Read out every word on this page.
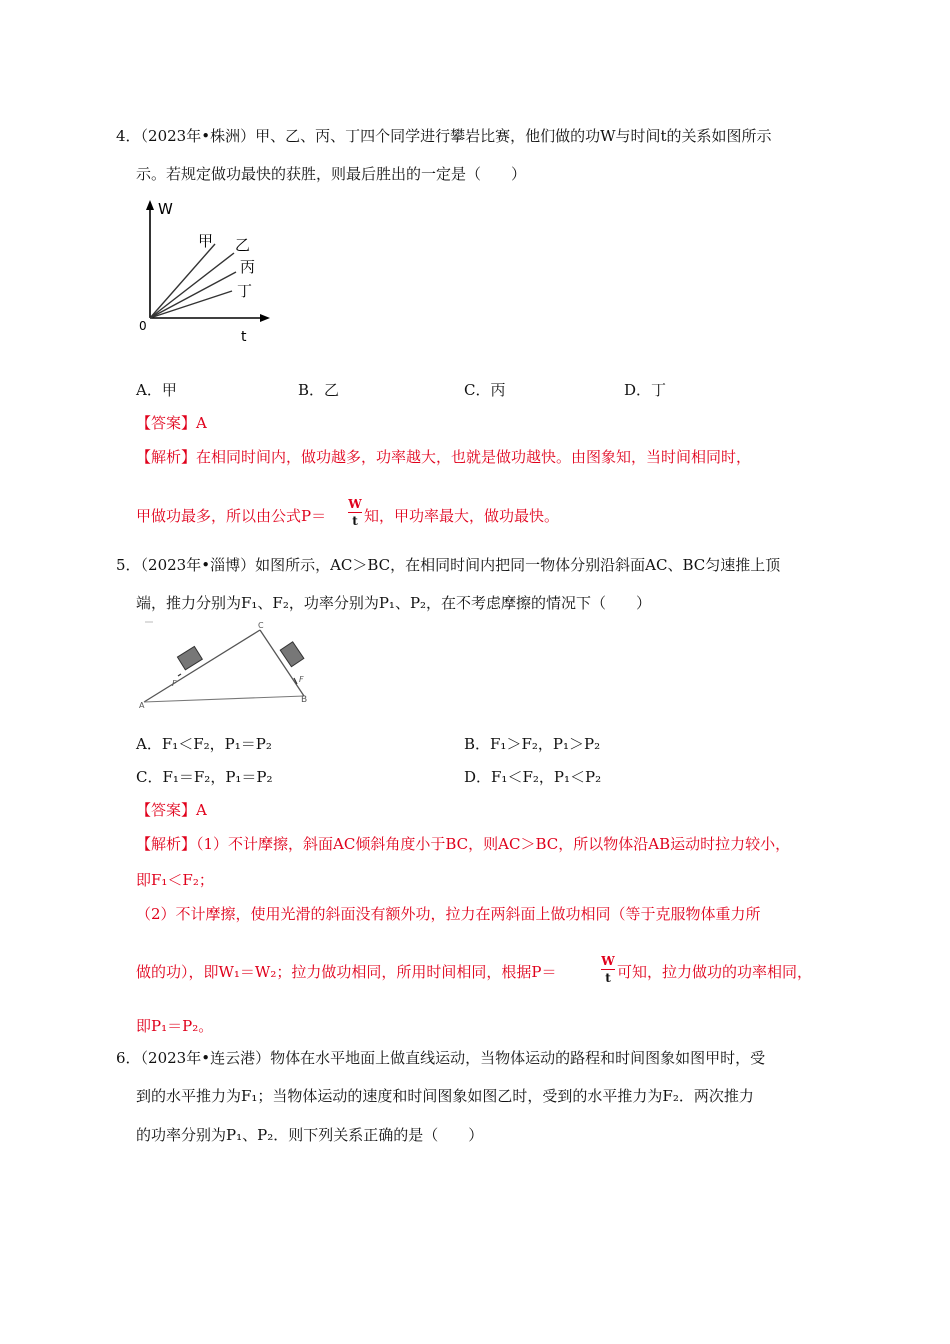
4．（2023年•株洲）甲、乙、丙、丁四个同学进行攀岩比赛，他们做的功W与时间t的关系如图所示
示。若规定做功最快的获胜，则最后胜出的一定是（　　）
W
t
0
甲 乙
丙
丁
A．甲	B．乙	C．丙	D．丁
【答案】A
【解析】在相同时间内，做功越多，功率越大，也就是做功越快。由图象知，当时间相同时，
甲做功最多，所以由公式P＝
W
t 知，甲功率最大，做功最快。
5．（2023年•淄博）如图所示，AC＞BC，在相同时间内把同一物体分别沿斜面AC、BC匀速推上顶
端，推力分别为F₁、F₂，功率分别为P₁、P₂，在不考虑摩擦的情况下（　　）
A
B
C
F	F
A．F₁＜F₂，P₁＝P₂	B．F₁＞F₂，P₁＞P₂
C．F₁＝F₂，P₁＝P₂	D．F₁＜F₂，P₁＜P₂
【答案】A
【解析】（1）不计摩擦，斜面AC倾斜角度小于BC，则AC＞BC，所以物体沿AB运动时拉力较小，
即F₁＜F₂；
（2）不计摩擦，使用光滑的斜面没有额外功，拉力在两斜面上做功相同（等于克服物体重力所
做的功），即W₁＝W₂；拉力做功相同，所用时间相同，根据P＝
W
t 可知，拉力做功的功率相同，
即P₁＝P₂。
6．（2023年•连云港）物体在水平地面上做直线运动，当物体运动的路程和时间图象如图甲时，受
到的水平推力为F₁；当物体运动的速度和时间图象如图乙时，受到的水平推力为F₂．两次推力
的功率分别为P₁、P₂．则下列关系正确的是（　　）
